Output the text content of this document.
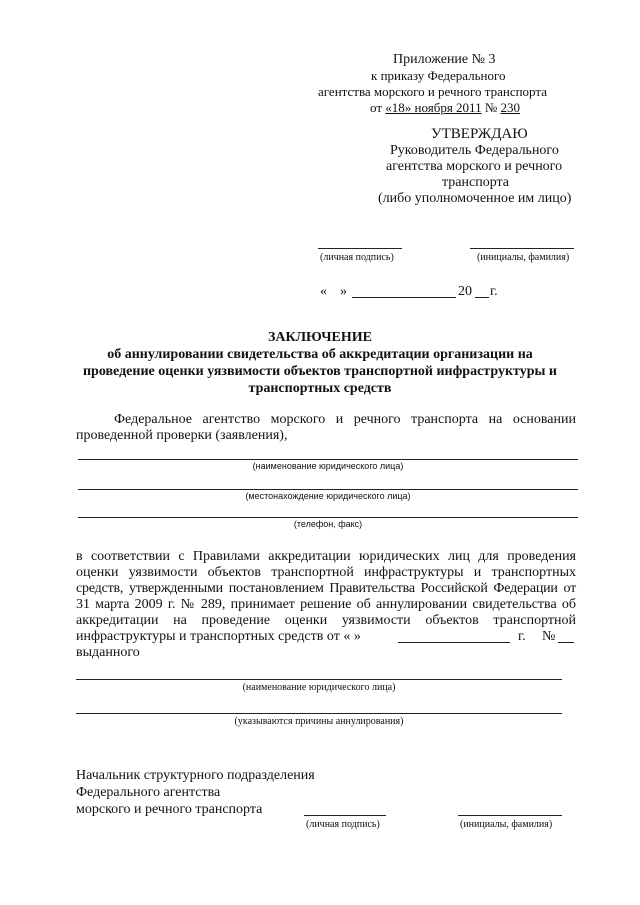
Приложение № 3
к приказу Федерального
агентства морского и речного транспорта
от «18» ноября 2011 № 230
УТВЕРЖДАЮ
Руководитель Федерального
агентства морского и речного
транспорта
(либо уполномоченное им лицо)
(личная подпись)	(инициалы, фамилия)
« »	20 г.
ЗАКЛЮЧЕНИЕ
об аннулировании свидетельства об аккредитации организации на
проведение оценки уязвимости объектов транспортной инфраструктуры и
транспортных средств
Федеральное агентство морского и речного транспорта на основании
проведенной проверки (заявления),
(наименование юридического лица)
(местонахождение юридического лица)
(телефон, факс)
в соответствии с Правилами аккредитации юридических лиц для проведения
оценки уязвимости объектов транспортной инфраструктуры и транспортных
средств, утвержденными постановлением Правительства Российской Федерации от
31 марта 2009 г. № 289, принимает решение об аннулировании свидетельства об
аккредитации на проведение оценки уязвимости объектов транспортной
инфраструктуры и транспортных средств от « »	г. №
выданного
(наименование юридического лица)
(указываются причины аннулирования)
Начальник структурного подразделения
Федерального агентства
морского и речного транспорта
(личная подпись)	(инициалы, фамилия)
